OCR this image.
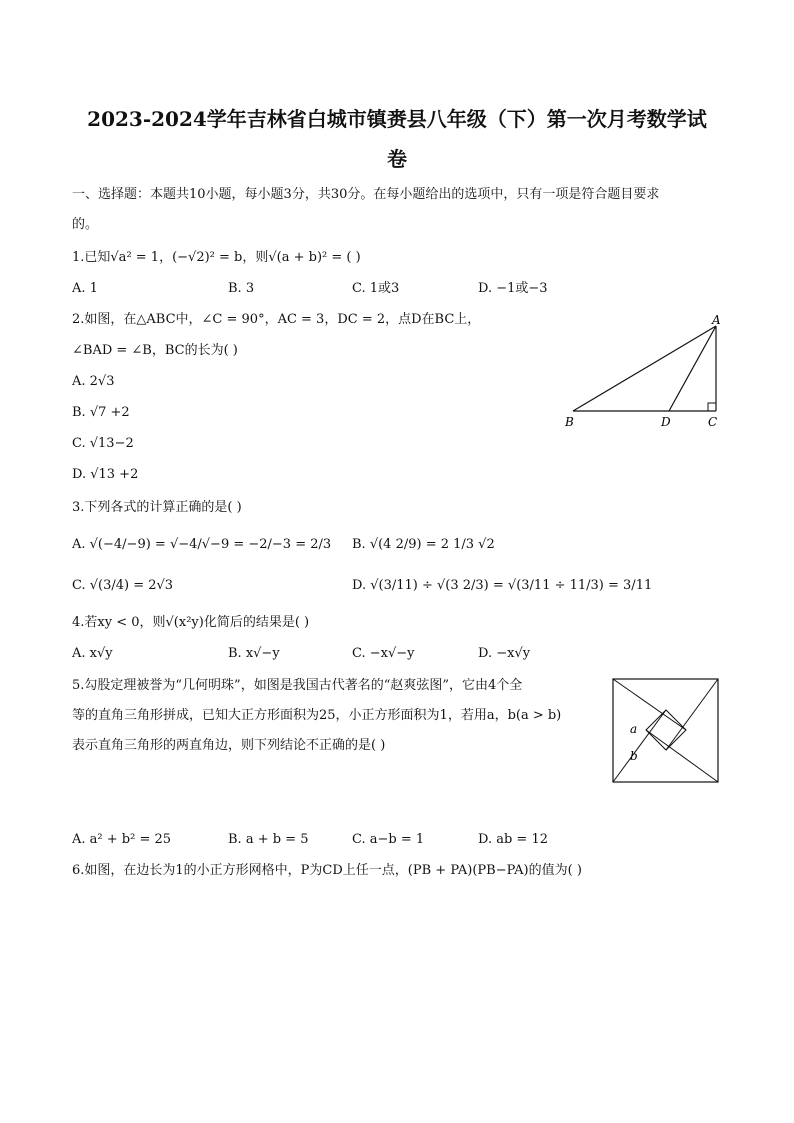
2023-2024学年吉林省白城市镇赉县八年级（下）第一次月考数学试
卷
一、选择题：本题共10小题，每小题3分，共30分。在每小题给出的选项中，只有一项是符合题目要求
的。
1.已知√a² = 1，(−√2)² = b，则√(a + b)² = ( )
A. 1	B. 3	C. 1或3	D. −1或−3
2.如图，在△ABC中，∠C = 90°，AC = 3，DC = 2，点D在BC上，
∠BAD = ∠B，BC的长为( )
A. 2√3
B. √7 +2
C. √13−2
D. √13 +2
A
B	D	C
3.下列各式的计算正确的是( )
A. √(−4/−9) = √−4/√−9 = −2/−3 = 2/3 B. √(4 2/9) = 2 1/3 √2
C. √(3/4) = 2√3	D. √(3/11) ÷ √(3 2/3) = √(3/11 ÷ 11/3) = 3/11
4.若xy < 0，则√(x²y)化简后的结果是( )
A. x√y	B. x√−y	C. −x√−y	D. −x√y
5.勾股定理被誉为“几何明珠”，如图是我国古代著名的“赵爽弦图”，它由4个全
等的直角三角形拼成，已知大正方形面积为25，小正方形面积为1，若用a，b(a > b)
表示直角三角形的两直角边，则下列结论不正确的是( )
a
b
A. a² + b² = 25	B. a + b = 5	C. a−b = 1	D. ab = 12
6.如图，在边长为1的小正方形网格中，P为CD上任一点，(PB + PA)(PB−PA)的值为( )
